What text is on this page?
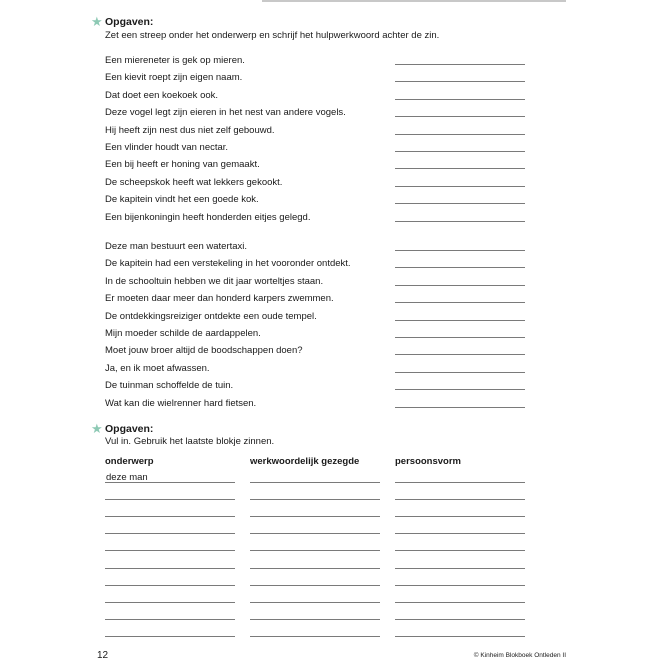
★ Opgaven:
Zet een streep onder het onderwerp en schrijf het hulpwerkwoord achter de zin.
Een miereneter is gek op mieren.
Een kievit roept zijn eigen naam.
Dat doet een koekoek ook.
Deze vogel legt zijn eieren in het nest van andere vogels.
Hij heeft zijn nest dus niet zelf gebouwd.
Een vlinder houdt van nectar.
Een bij heeft er honing van gemaakt.
De scheepskok heeft wat lekkers gekookt.
De kapitein vindt het een goede kok.
Een bijenkoningin heeft honderden eitjes gelegd.
Deze man bestuurt een watertaxi.
De kapitein had een verstekeling in het vooronder ontdekt.
In de schooltuin hebben we dit jaar worteltjes staan.
Er moeten daar meer dan honderd karpers zwemmen.
De ontdekkingsreiziger ontdekte een oude tempel.
Mijn moeder schilde de aardappelen.
Moet jouw broer altijd de boodschappen doen?
Ja, en ik moet afwassen.
De tuinman schoffelde de tuin.
Wat kan die wielrenner hard fietsen.
★ Opgaven:
Vul in. Gebruik het laatste blokje zinnen.
onderwerp	werkwoordelijk gezegde	persoonsvorm
deze man
12	© Kinheim Blokboek Ontleden II
